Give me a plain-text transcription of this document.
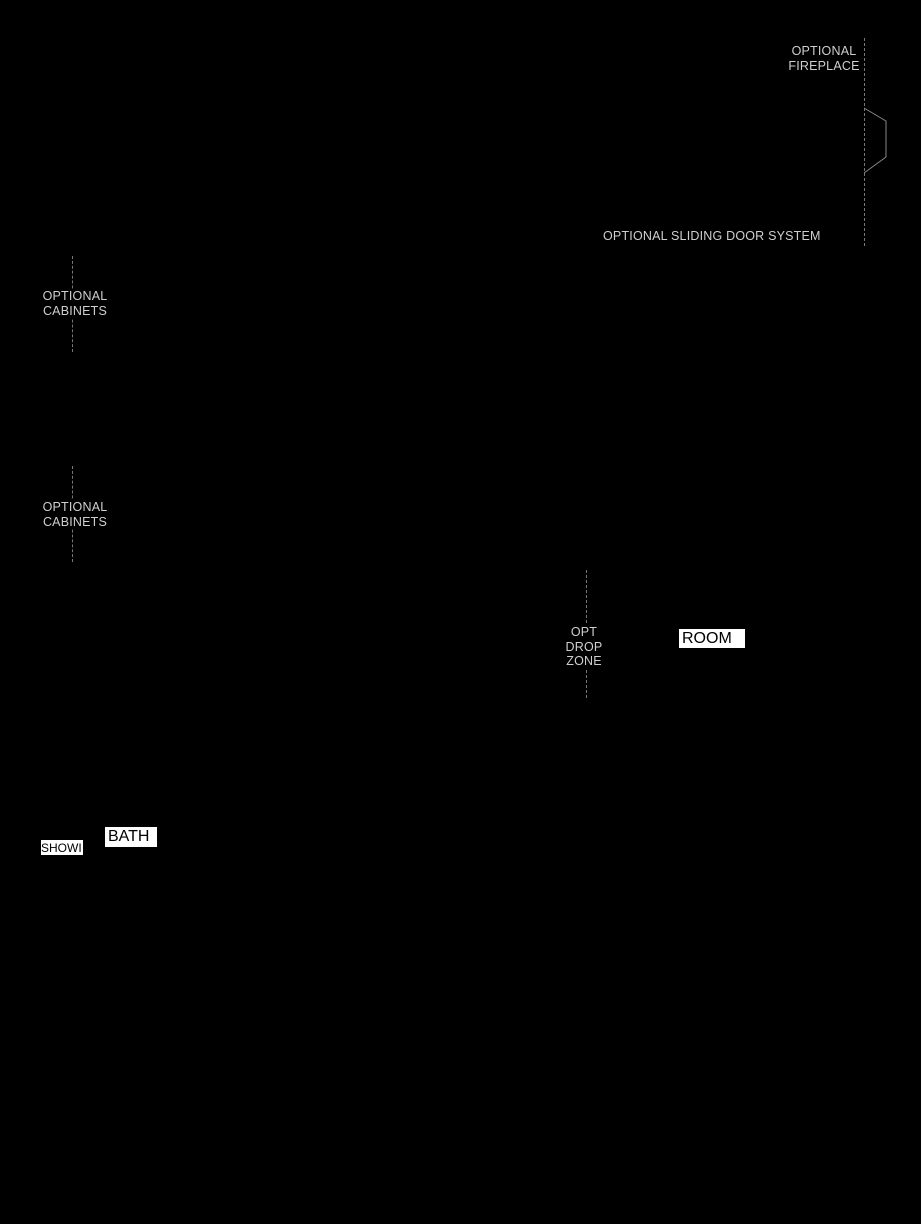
OPTIONAL
FIREPLACE
OPTIONAL SLIDING DOOR SYSTEM
OPTIONAL
CABINETS
OPTIONAL
CABINETS
OPT
DROP
ZONE
ROOM
BATH
SHOWI
